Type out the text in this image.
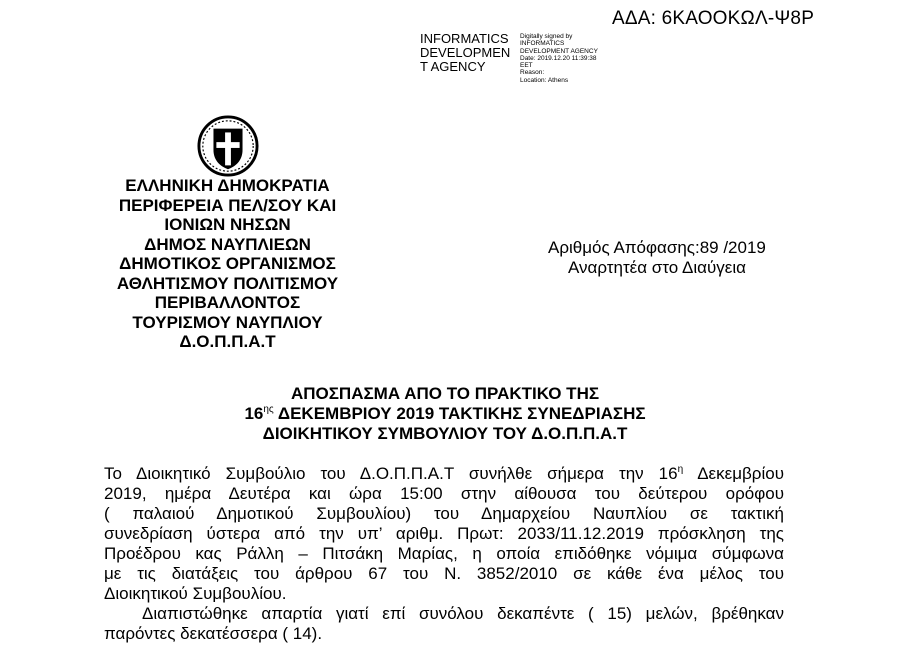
ΑΔΑ: 6ΚΑΟΟΚΩΛ-Ψ8Ρ
INFORMATICS
DEVELOPMEN
T AGENCY
Digitally signed by
INFORMATICS
DEVELOPMENT AGENCY
Date: 2019.12.20 11:39:38
EET
Reason:
Location: Athens
ΕΛΛΗΝΙΚΗ ΔΗΜΟΚΡΑΤΙΑ
ΠΕΡΙΦΕΡΕΙΑ ΠΕΛ/ΣΟΥ ΚΑΙ
ΙΟΝΙΩΝ ΝΗΣΩΝ
ΔΗΜΟΣ ΝΑΥΠΛΙΕΩΝ
ΔΗΜΟΤΙΚΟΣ ΟΡΓΑΝΙΣΜΟΣ
ΑΘΛΗΤΙΣΜΟΥ ΠΟΛΙΤΙΣΜΟΥ
ΠΕΡΙΒΑΛΛΟΝΤΟΣ
ΤΟΥΡΙΣΜΟΥ ΝΑΥΠΛΙΟΥ
Δ.Ο.Π.Π.Α.Τ
Αριθμός Απόφασης:89 /2019
Αναρτητέα στο Διαύγεια
ΑΠΟΣΠΑΣΜΑ ΑΠΟ ΤΟ ΠΡΑΚΤΙΚΟ ΤΗΣ
$16^{\eta\varsigma}$ ΔΕΚΕΜΒΡΙΟΥ 2019 ΤΑΚΤΙΚΗΣ ΣΥΝΕΔΡΙΑΣΗΣ
ΔΙΟΙΚΗΤΙΚΟΥ ΣΥΜΒΟΥΛΙΟΥ ΤΟΥ Δ.Ο.Π.Π.Α.Τ
Το Διοικητικό Συμβούλιο του Δ.Ο.Π.Π.Α.Τ συνήλθε σήμερα την $16^\eta$ Δεκεμβρίου
2019, ημέρα Δευτέρα και ώρα 15:00 στην αίθουσα του δεύτερου ορόφου
( παλαιού Δημοτικού Συμβουλίου) του Δημαρχείου Ναυπλίου σε τακτική
συνεδρίαση ύστερα από την υπ’ αριθμ. Πρωτ: 2033/11.12.2019 πρόσκληση της
Προέδρου κας Ράλλη – Πιτσάκη Μαρίας, η οποία επιδόθηκε νόμιμα σύμφωνα
με τις διατάξεις του άρθρου 67 του Ν. 3852/2010 σε κάθε ένα μέλος του
Διοικητικού Συμβουλίου.
Διαπιστώθηκε απαρτία γιατί επί συνόλου δεκαπέντε ( 15) μελών, βρέθηκαν
παρόντες δεκατέσσερα ( 14).
